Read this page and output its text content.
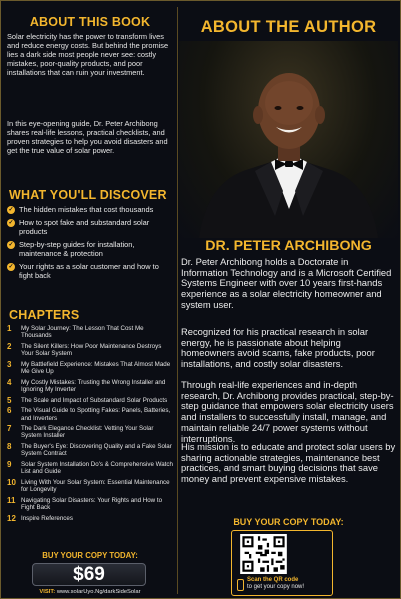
ABOUT THIS BOOK

Solar electricity has the power to transform lives and reduce energy costs. But behind the promise lies a dark side most people never see: costly mistakes, poor-quality products, and poor installations that can ruin your investment.

In this eye-opening guide, Dr. Peter Archibong shares real-life lessons, practical checklists, and proven strategies to help you avoid disasters and get the true value of solar power.

WHAT YOU'LL DISCOVER
✓ The hidden mistakes that cost thousands
✓ How to spot fake and substandard solar products
✓ Step-by-step guides for installation, maintenance & protection
✓ Your rights as a solar customer and how to fight back
CHAPTERS
1 My Solar Journey: The Lesson That Cost Me Thousands
2 The Silent Killers: How Poor Maintenance Destroys Your Solar System
3 My Battlefield Experience: Mistakes That Almost Made Me Give Up
4 My Costly Mistakes: Trusting the Wrong Installer and Ignoring My Inverter
5 The Scale and Impact of Substandard Solar Products
6 The Visual Guide to Spotting Fakes: Panels, Batteries, and Inverters
7 The Dark Elegance Checklist: Vetting Your Solar System Installer
8 The Buyer's Eye: Discovering Quality and a Fake Solar System Contract
9 Solar System Installation Do's & Comprehensive Watch List and Guide
10 Living With Your Solar System: Essential Maintenance for Longevity
11 Navigating Solar Disasters: Your Rights and How to Fight Back
12 Inspire References
BUY YOUR COPY TODAY:
$69
VISIT: www.solarUyo.Ng/darkSideSolar
ABOUT THE AUTHOR
DR. PETER ARCHIBONG

Dr. Peter Archibong holds a Doctorate in Information Technology and is a Microsoft Certified Systems Engineer with over 10 years first-hands experience as a solar electricity homeowner and system user.

Recognized for his practical research in solar energy, he is passionate about helping homeowners avoid scams, fake products, poor installations, and costly solar disasters.

Through real-life experiences and in-depth research, Dr. Archibong provides practical, step-by-step guidance that empowers solar electricity users and installers to successfully install, manage, and maintain reliable 24/7 power systems without interruptions.

His mission is to educate and protect solar users by sharing actionable strategies, maintenance best practices, and smart buying decisions that save money and prevent expensive mistakes.

BUY YOUR COPY TODAY:
Scan the QR code
to get your copy now!
